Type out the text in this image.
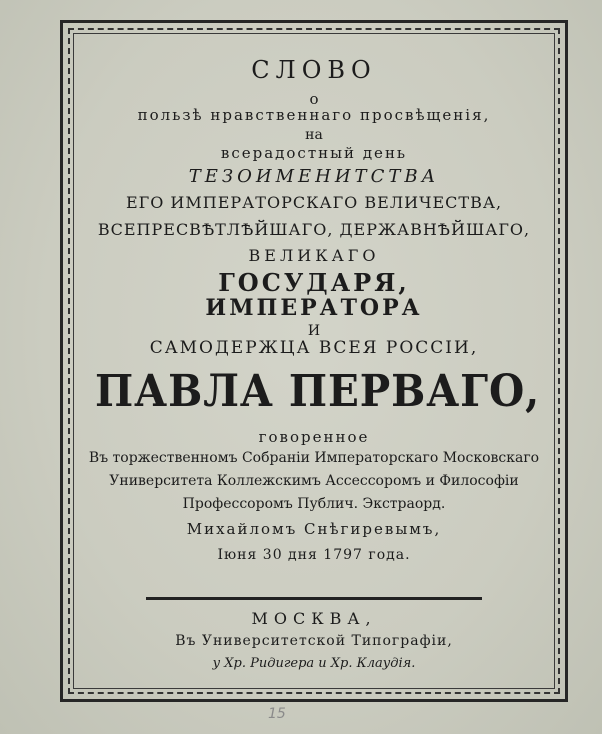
СЛОВО
о
пользѣ нравственнаго просвѣщенія,
на
всерадостный день
ТЕЗОИМЕНИТСТВА
ЕГО ИМПЕРАТОРСКАГО ВЕЛИЧЕСТВА,
ВСЕПРЕСВѢТЛѢЙШАГО, ДЕРЖАВНѢЙШАГО,
ВЕЛИКАГО
ГОСУДАРЯ,
ИМПЕРАТОРА
И
САМОДЕРЖЦА ВСЕЯ РОССІИ,
ПАВЛА ПЕРВАГО,
говоренное
Въ торжественномъ Собраніи Императорскаго Московскаго
Университета Коллежскимъ Ассессоромъ и Философіи
Профессоромъ Публич. Экстраорд.
Михайломъ Снѣгиревымъ,
Іюня 30 дня 1797 года.
МОСКВА,
Въ Университетской Типографіи,
у Хр. Ридигера и Хр. Клаудія.
15
